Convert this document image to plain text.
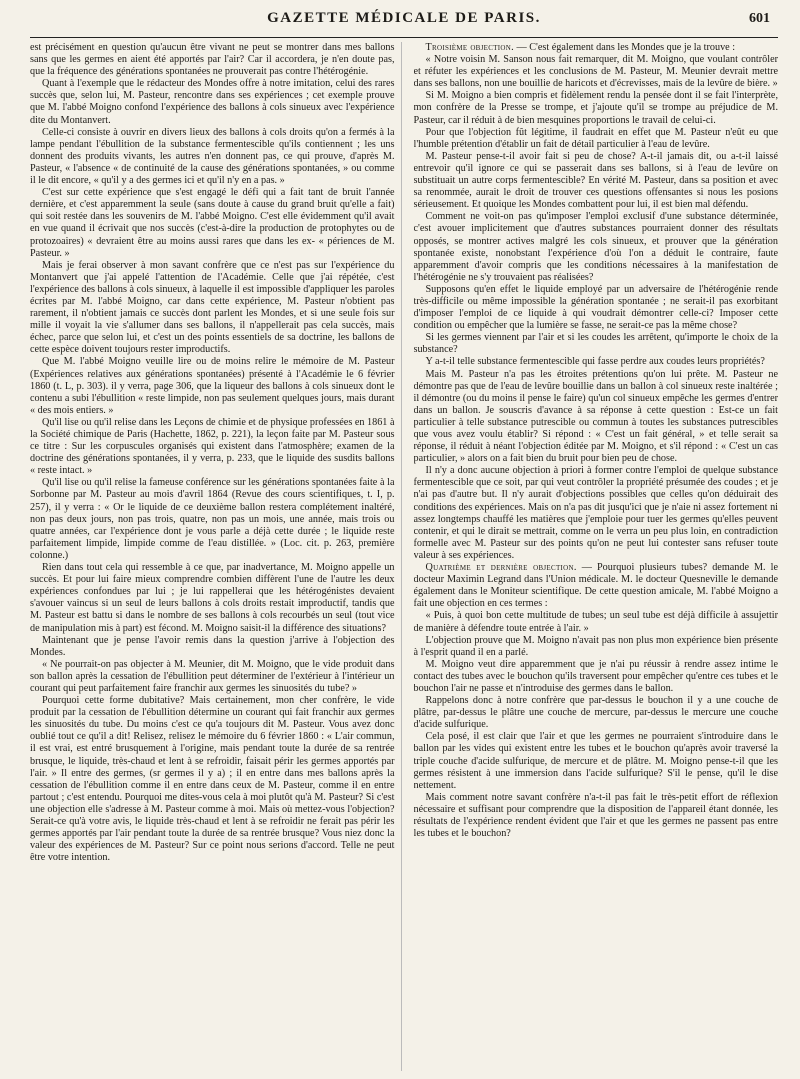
GAZETTE MÉDICALE DE PARIS.	601

est précisément en question qu'aucun être vivant ne peut se montrer dans mes ballons sans que les germes en aient été apportés par l'air? Car il accordera, je n'en doute pas, que la fréquence des générations spontanées ne prouverait pas contre l'hétérogénie.

Quant à l'exemple que le rédacteur des Mondes offre à notre imitation, celui des rares succès que, selon lui, M. Pasteur, rencontre dans ses expériences ; cet exemple prouve que M. l'abbé Moigno confond l'expérience des ballons à cols sinueux avec l'expérience dite du Montanvert.

Celle-ci consiste à ouvrir en divers lieux des ballons à cols droits qu'on a fermés à la lampe pendant l'ébullition de la substance fermentescible qu'ils contiennent ; les uns donnent des produits vivants, les autres n'en donnent pas, ce qui prouve, d'après M. Pasteur, « l'absence « de continuité de la cause des générations spontanées, » ou comme il le dit encore, « qu'il y a des germes ici et qu'il n'y en a pas. »

C'est sur cette expérience que s'est engagé le défi qui a fait tant de bruit l'année dernière, et c'est apparemment la seule (sans doute à cause du grand bruit qu'elle a fait) qui soit restée dans les souvenirs de M. l'abbé Moigno. C'est elle évidemment qu'il avait en vue quand il écrivait que nos succès (c'est-à-dire la production de protophytes ou de protozoaires) « devraient être au moins aussi rares que dans les ex- « périences de M. Pasteur. »

Mais je ferai observer à mon savant confrère que ce n'est pas sur l'expérience du Montanvert que j'ai appelé l'attention de l'Académie. Celle que j'ai répétée, c'est l'expérience des ballons à cols sinueux, à laquelle il est impossible d'appliquer les paroles écrites par M. l'abbé Moigno, car dans cette expérience, M. Pasteur n'obtient pas rarement, il n'obtient jamais ce succès dont parlent les Mondes, et si une seule fois sur mille il voyait la vie s'allumer dans ses ballons, il n'appellerait pas cela succès, mais échec, parce que selon lui, et c'est un des points essentiels de sa doctrine, les ballons de cette espèce doivent toujours rester improductifs.

Que M. l'abbé Moigno veuille lire ou de moins relire le mémoire de M. Pasteur (Expériences relatives aux générations spontanées) présenté à l'Académie le 6 février 1860 (t. L, p. 303). il y verra, page 306, que la liqueur des ballons à cols sinueux dont le contenu a subi l'ébullition « reste limpide, non pas seulement quelques jours, mais durant « des mois entiers. »

Qu'il lise ou qu'il relise dans les Leçons de chimie et de physique professées en 1861 à la Société chimique de Paris (Hachette, 1862, p. 221), la leçon faite par M. Pasteur sous ce titre : Sur les corpuscules organisés qui existent dans l'atmosphère; examen de la doctrine des générations spontanées, il y verra, p. 233, que le liquide des susdits ballons « reste intact. »

Qu'il lise ou qu'il relise la fameuse conférence sur les générations spontanées faite à la Sorbonne par M. Pasteur au mois d'avril 1864 (Revue des cours scientifiques, t. I, p. 257), il y verra : « Or le liquide de ce deuxième ballon restera complétement inaltéré, non pas deux jours, non pas trois, quatre, non pas un mois, une année, mais trois ou quatre années, car l'expérience dont je vous parle a déjà cette durée ; le liquide reste parfaitement limpide, limpide comme de l'eau distillée. » (Loc. cit. p. 263, première colonne.)

Rien dans tout cela qui ressemble à ce que, par inadvertance, M. Moigno appelle un succès. Et pour lui faire mieux comprendre combien diffèrent l'une de l'autre les deux expériences confondues par lui ; je lui rappellerai que les hétérogénistes devaient s'avouer vaincus si un seul de leurs ballons à cols droits restait improductif, tandis que M. Pasteur est battu si dans le nombre de ses ballons à cols recourbés un seul (tout vice de manipulation mis à part) est fécond. M. Moigno saisit-il la différence des situations?

Maintenant que je pense l'avoir remis dans la question j'arrive à l'objection des Mondes.

« Ne pourrait-on pas objecter à M. Meunier, dit M. Moigno, que le vide produit dans son ballon après la cessation de l'ébullition peut déterminer de l'extérieur à l'intérieur un courant qui peut parfaitement faire franchir aux germes les sinuosités du tube? »

Pourquoi cette forme dubitative? Mais certainement, mon cher confrère, le vide produit par la cessation de l'ébullition détermine un courant qui fait franchir aux germes les sinuosités du tube. Du moins c'est ce qu'a toujours dit M. Pasteur. Vous avez donc oublié tout ce qu'il a dit! Relisez, relisez le mémoire du 6 février 1860 : « L'air commun, il est vrai, est entré brusquement à l'origine, mais pendant toute la durée de sa rentrée brusque, le liquide, très-chaud et lent à se refroidir, faisait périr les germes apportés par l'air. » Il entre des germes, (sr germes il y a) ; il en entre dans mes ballons après la cessation de l'ébullition comme il en entre dans ceux de M. Pasteur, comme il en entre partout ; c'est entendu. Pourquoi me dites-vous cela à moi plutôt qu'à M. Pasteur? Si c'est une objection elle s'adresse à M. Pasteur comme à moi. Mais où mettez-vous l'objection? Serait-ce qu'à votre avis, le liquide très-chaud et lent à se refroidir ne ferait pas périr les germes apportés par l'air pendant toute la durée de sa rentrée brusque? Vous niez donc la valeur des expériences de M. Pasteur? Sur ce point nous serions d'accord. Telle ne peut être votre intention.

Troisième objection. — C'est également dans les Mondes que je la trouve :

« Notre voisin M. Sanson nous fait remarquer, dit M. Moigno, que voulant contrôler et réfuter les expériences et les conclusions de M. Pasteur, M. Meunier devrait mettre dans ses ballons, non une bouillie de haricots et d'écrevisses, mais de la levûre de bière. »

Si M. Moigno a bien compris et fidèlement rendu la pensée dont il se fait l'interprète, mon confrère de la Presse se trompe, et j'ajoute qu'il se trompe au préjudice de M. Pasteur, car il réduit à de bien mesquines proportions le travail de celui-ci.

Pour que l'objection fût légitime, il faudrait en effet que M. Pasteur n'eût eu que l'humble prétention d'établir un fait de détail particulier à l'eau de levûre.

M. Pasteur pense-t-il avoir fait si peu de chose? A-t-il jamais dit, ou a-t-il laissé entrevoir qu'il ignore ce qui se passerait dans ses ballons, si à l'eau de levûre on substituait un autre corps fermentescible? En vérité M. Pasteur, dans sa position et avec sa renommée, aurait le droit de trouver ces questions offensantes si nous les posions sérieusement. Et quoique les Mondes combattent pour lui, il est bien mal défendu.

Comment ne voit-on pas qu'imposer l'emploi exclusif d'une substance déterminée, c'est avouer implicitement que d'autres substances pourraient donner des résultats opposés, se montrer actives malgré les cols sinueux, et prouver que la génération spontanée existe, nonobstant l'expérience d'où l'on a déduit le contraire, faute apparemment d'avoir compris que les conditions nécessaires à la manifestation de l'hétérogénie ne s'y trouvaient pas réalisées?

Supposons qu'en effet le liquide employé par un adversaire de l'hétérogénie rende très-difficile ou même impossible la génération spontanée ; ne serait-il pas exorbitant d'imposer l'emploi de ce liquide à qui voudrait démontrer celle-ci? Imposer cette condition ou empêcher que la lumière se fasse, ne serait-ce pas la même chose?

Si les germes viennent par l'air et si les coudes les arrêtent, qu'importe le choix de la substance?

Y a-t-il telle substance fermentescible qui fasse perdre aux coudes leurs propriétés?

Mais M. Pasteur n'a pas les étroites prétentions qu'on lui prête. M. Pasteur ne démontre pas que de l'eau de levûre bouillie dans un ballon à col sinueux reste inaltérée ; il démontre (ou du moins il pense le faire) qu'un col sinueux empêche les germes d'entrer dans un ballon. Je souscris d'avance à sa réponse à cette question : Est-ce un fait particulier à telle substance putrescible ou commun à toutes les substances putrescibles que vous avez voulu établir? Si répond : « C'est un fait général, » et telle serait sa réponse, il réduit à néant l'objection éditée par M. Moigno, et s'il répond : « C'est un cas particulier, » alors on a fait bien du bruit pour bien peu de chose.

Il n'y a donc aucune objection à priori à former contre l'emploi de quelque substance fermentescible que ce soit, par qui veut contrôler la propriété présumée des coudes ; et je n'ai pas d'autre but. Il n'y aurait d'objections possibles que celles qu'on déduirait des conditions des expériences. Mais on n'a pas dit jusqu'ici que je n'aie ni assez fortement ni assez longtemps chauffé les matières que j'emploie pour tuer les germes qu'elles peuvent contenir, et qui le dirait se mettrait, comme on le verra un peu plus loin, en contradiction formelle avec M. Pasteur sur des points qu'on ne peut lui contester sans refuser toute valeur à ses expériences.

Quatrième et dernière objection. — Pourquoi plusieurs tubes? demande M. le docteur Maximin Legrand dans l'Union médicale. M. le docteur Quesneville le demande également dans le Moniteur scientifique. De cette question amicale, M. l'abbé Moigno a fait une objection en ces termes :

« Puis, à quoi bon cette multitude de tubes; un seul tube est déjà difficile à assujettir de manière à défendre toute entrée à l'air. »

L'objection prouve que M. Moigno n'avait pas non plus mon expérience bien présente à l'esprit quand il en a parlé.

M. Moigno veut dire apparemment que je n'ai pu réussir à rendre assez intime le contact des tubes avec le bouchon qu'ils traversent pour empêcher qu'entre ces tubes et le bouchon l'air ne passe et n'introduise des germes dans le ballon.

Rappelons donc à notre confrère que par-dessus le bouchon il y a une couche de plâtre, par-dessus le plâtre une couche de mercure, par-dessus le mercure une couche d'acide sulfurique.

Cela posé, il est clair que l'air et que les germes ne pourraient s'introduire dans le ballon par les vides qui existent entre les tubes et le bouchon qu'après avoir traversé la triple couche d'acide sulfurique, de mercure et de plâtre. M. Moigno pense-t-il que les germes résistent à une immersion dans l'acide sulfurique? S'il le pense, qu'il le dise nettement.

Mais comment notre savant confrère n'a-t-il pas fait le très-petit effort de réflexion nécessaire et suffisant pour comprendre que la disposition de l'appareil étant donnée, les résultats de l'expérience rendent évident que l'air et que les germes ne passent pas entre les tubes et le bouchon?
